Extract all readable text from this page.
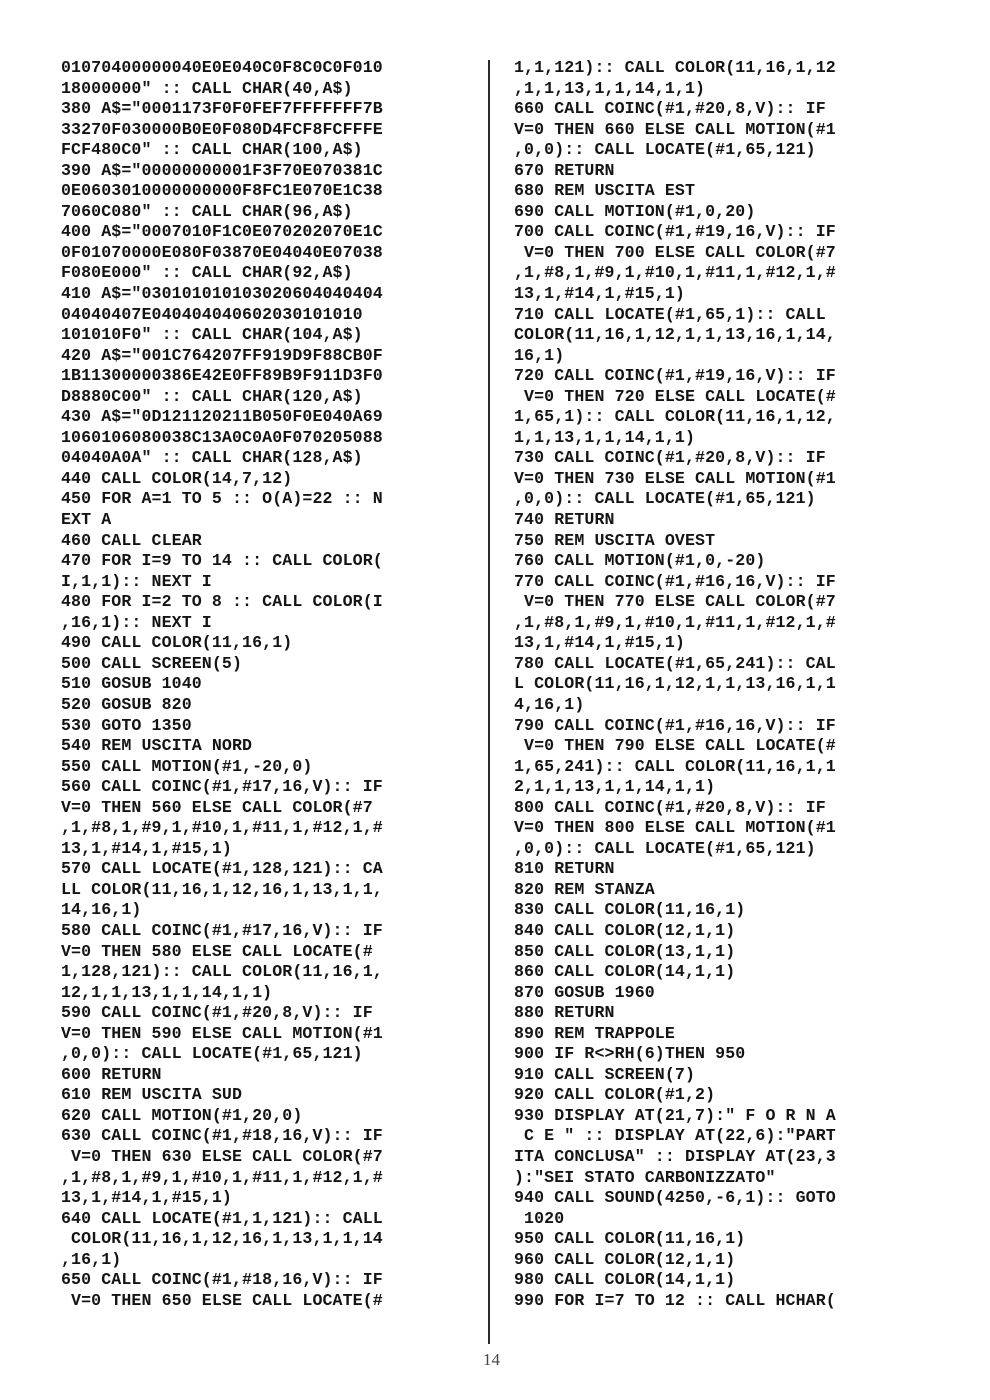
01070400000040E0E040C0F8C0C0F010
18000000" :: CALL CHAR(40,A$)
380 A$="0001173F0F0FEF7FFFFFFF7B
33270F030000B0E0F080D4FCF8FCFFFE
FCF480C0" :: CALL CHAR(100,A$)
390 A$="00000000001F3F70E070381C
0E0603010000000000F8FC1E070E1C38
7060C080" :: CALL CHAR(96,A$)
400 A$="0007010F1C0E070202070E1C
0F01070000E080F03870E04040E07038
F080E000" :: CALL CHAR(92,A$)
410 A$="030101010103020604040404
04040407E040404040602030101010
101010F0" :: CALL CHAR(104,A$)
420 A$="001C764207FF919D9F88CB0F
1B11300000386E42E0FF89B9F911D3F0
D8880C00" :: CALL CHAR(120,A$)
430 A$="0D121120211B050F0E040A69
1060106080038C13A0C0A0F070205088
04040A0A" :: CALL CHAR(128,A$)
440 CALL COLOR(14,7,12)
450 FOR A=1 TO 5 :: O(A)=22 :: N
EXT A
460 CALL CLEAR
470 FOR I=9 TO 14 :: CALL COLOR(
I,1,1):: NEXT I
480 FOR I=2 TO 8 :: CALL COLOR(I
,16,1):: NEXT I
490 CALL COLOR(11,16,1)
500 CALL SCREEN(5)
510 GOSUB 1040
520 GOSUB 820
530 GOTO 1350
540 REM USCITA NORD
550 CALL MOTION(#1,-20,0)
560 CALL COINC(#1,#17,16,V):: IF
V=0 THEN 560 ELSE CALL COLOR(#7
,1,#8,1,#9,1,#10,1,#11,1,#12,1,#
13,1,#14,1,#15,1)
570 CALL LOCATE(#1,128,121):: CA
LL COLOR(11,16,1,12,16,1,13,1,1,
14,16,1)
580 CALL COINC(#1,#17,16,V):: IF
V=0 THEN 580 ELSE CALL LOCATE(#
1,128,121):: CALL COLOR(11,16,1,
12,1,1,13,1,1,14,1,1)
590 CALL COINC(#1,#20,8,V):: IF
V=0 THEN 590 ELSE CALL MOTION(#1
,0,0):: CALL LOCATE(#1,65,121)
600 RETURN
610 REM USCITA SUD
620 CALL MOTION(#1,20,0)
630 CALL COINC(#1,#18,16,V):: IF
V=0 THEN 630 ELSE CALL COLOR(#7
,1,#8,1,#9,1,#10,1,#11,1,#12,1,#
13,1,#14,1,#15,1)
640 CALL LOCATE(#1,1,121):: CALL
COLOR(11,16,1,12,16,1,13,1,1,14
,16,1)
650 CALL COINC(#1,#18,16,V):: IF
V=0 THEN 650 ELSE CALL LOCATE(#
1,1,121):: CALL COLOR(11,16,1,12
,1,1,13,1,1,14,1,1)
660 CALL COINC(#1,#20,8,V):: IF
V=0 THEN 660 ELSE CALL MOTION(#1
,0,0):: CALL LOCATE(#1,65,121)
670 RETURN
680 REM USCITA EST
690 CALL MOTION(#1,0,20)
700 CALL COINC(#1,#19,16,V):: IF
V=0 THEN 700 ELSE CALL COLOR(#7
,1,#8,1,#9,1,#10,1,#11,1,#12,1,#
13,1,#14,1,#15,1)
710 CALL LOCATE(#1,65,1):: CALL
COLOR(11,16,1,12,1,1,13,16,1,14,
16,1)
720 CALL COINC(#1,#19,16,V):: IF
V=0 THEN 720 ELSE CALL LOCATE(#
1,65,1):: CALL COLOR(11,16,1,12,
1,1,13,1,1,14,1,1)
730 CALL COINC(#1,#20,8,V):: IF
V=0 THEN 730 ELSE CALL MOTION(#1
,0,0):: CALL LOCATE(#1,65,121)
740 RETURN
750 REM USCITA OVEST
760 CALL MOTION(#1,0,-20)
770 CALL COINC(#1,#16,16,V):: IF
V=0 THEN 770 ELSE CALL COLOR(#7
,1,#8,1,#9,1,#10,1,#11,1,#12,1,#
13,1,#14,1,#15,1)
780 CALL LOCATE(#1,65,241):: CAL
L COLOR(11,16,1,12,1,1,13,16,1,1
4,16,1)
790 CALL COINC(#1,#16,16,V):: IF
V=0 THEN 790 ELSE CALL LOCATE(#
1,65,241):: CALL COLOR(11,16,1,1
2,1,1,13,1,1,14,1,1)
800 CALL COINC(#1,#20,8,V):: IF
V=0 THEN 800 ELSE CALL MOTION(#1
,0,0):: CALL LOCATE(#1,65,121)
810 RETURN
820 REM STANZA
830 CALL COLOR(11,16,1)
840 CALL COLOR(12,1,1)
850 CALL COLOR(13,1,1)
860 CALL COLOR(14,1,1)
870 GOSUB 1960
880 RETURN
890 REM TRAPPOLE
900 IF R<>RH(6)THEN 950
910 CALL SCREEN(7)
920 CALL COLOR(#1,2)
930 DISPLAY AT(21,7):" F O R N A
C E " :: DISPLAY AT(22,6):"PART
ITA CONCLUSA" :: DISPLAY AT(23,3
):"SEI STATO CARBONIZZATO"
940 CALL SOUND(4250,-6,1):: GOTO
1020
950 CALL COLOR(11,16,1)
960 CALL COLOR(12,1,1)
980 CALL COLOR(14,1,1)
990 FOR I=7 TO 12 :: CALL HCHAR(
14
